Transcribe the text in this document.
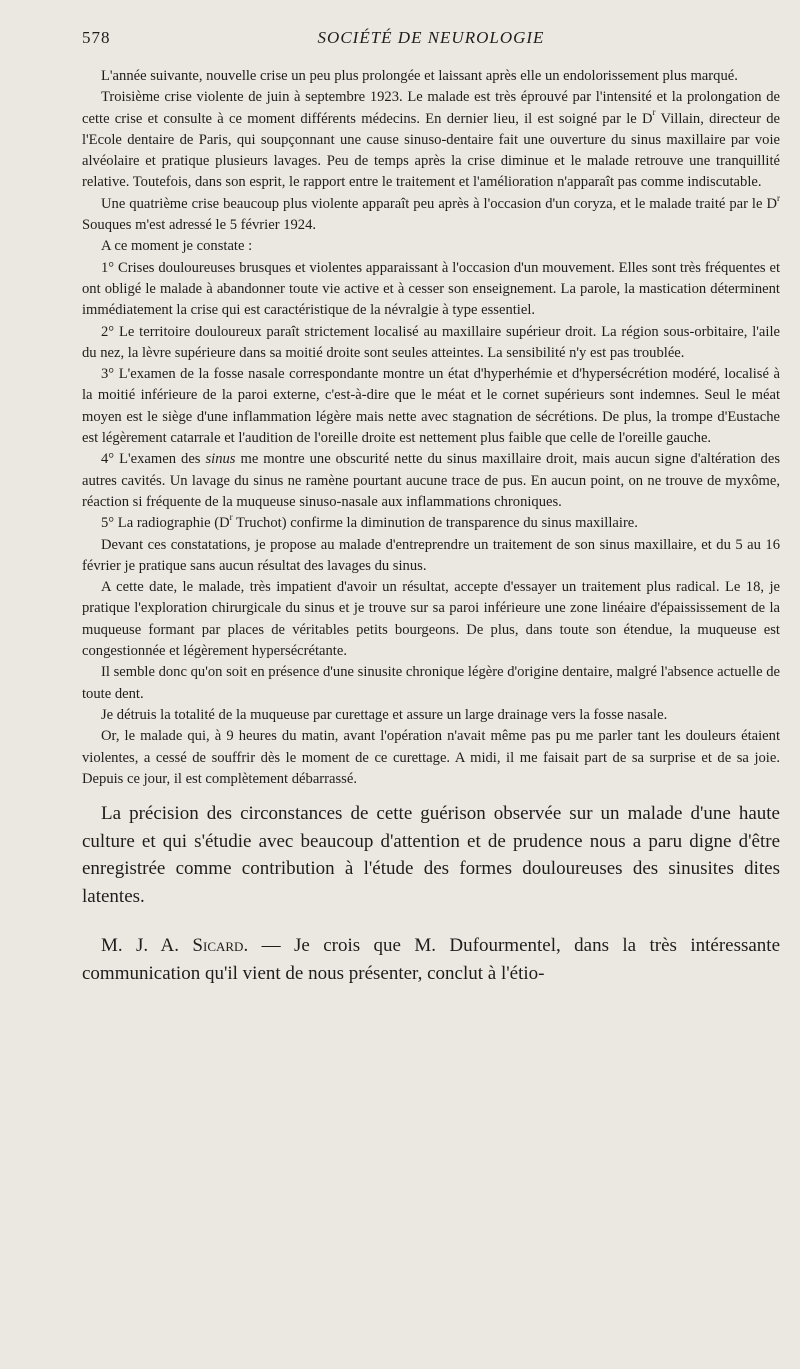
578	SOCIÉTÉ DE NEUROLOGIE

L'année suivante, nouvelle crise un peu plus prolongée et laissant après elle un endolorissement plus marqué.

Troisième crise violente de juin à septembre 1923. Le malade est très éprouvé par l'intensité et la prolongation de cette crise et consulte à ce moment différents médecins. En dernier lieu, il est soigné par le $D^r$ Villain, directeur de l'Ecole dentaire de Paris, qui soupçonnant une cause sinuso-dentaire fait une ouverture du sinus maxillaire par voie alvéolaire et pratique plusieurs lavages. Peu de temps après la crise diminue et le malade retrouve une tranquillité relative. Toutefois, dans son esprit, le rapport entre le traitement et l'amélioration n'apparaît pas comme indiscutable.

Une quatrième crise beaucoup plus violente apparaît peu après à l'occasion d'un coryza, et le malade traité par le $D^r$ Souques m'est adressé le 5 février 1924.

A ce moment je constate :

1° Crises douloureuses brusques et violentes apparaissant à l'occasion d'un mouvement. Elles sont très fréquentes et ont obligé le malade à abandonner toute vie active et à cesser son enseignement. La parole, la mastication déterminent immédiatement la crise qui est caractéristique de la névralgie à type essentiel.

2° Le territoire douloureux paraît strictement localisé au maxillaire supérieur droit. La région sous-orbitaire, l'aile du nez, la lèvre supérieure dans sa moitié droite sont seules atteintes. La sensibilité n'y est pas troublée.

3° L'examen de la fosse nasale correspondante montre un état d'hyperhémie et d'hypersécrétion modéré, localisé à la moitié inférieure de la paroi externe, c'est-à-dire que le méat et le cornet supérieurs sont indemnes. Seul le méat moyen est le siège d'une inflammation légère mais nette avec stagnation de sécrétions. De plus, la trompe d'Eustache est légèrement catarrale et l'audition de l'oreille droite est nettement plus faible que celle de l'oreille gauche.

4° L'examen des sinus me montre une obscurité nette du sinus maxillaire droit, mais aucun signe d'altération des autres cavités. Un lavage du sinus ne ramène pourtant aucune trace de pus. En aucun point, on ne trouve de myxôme, réaction si fréquente de la muqueuse sinuso-nasale aux inflammations chroniques.

5° La radiographie ($D^r$ Truchot) confirme la diminution de transparence du sinus maxillaire.

Devant ces constatations, je propose au malade d'entreprendre un traitement de son sinus maxillaire, et du 5 au 16 février je pratique sans aucun résultat des lavages du sinus.

A cette date, le malade, très impatient d'avoir un résultat, accepte d'essayer un traitement plus radical. Le 18, je pratique l'exploration chirurgicale du sinus et je trouve sur sa paroi inférieure une zone linéaire d'épaississement de la muqueuse formant par places de véritables petits bourgeons. De plus, dans toute son étendue, la muqueuse est congestionnée et légèrement hypersécrétante.

Il semble donc qu'on soit en présence d'une sinusite chronique légère d'origine dentaire, malgré l'absence actuelle de toute dent.

Je détruis la totalité de la muqueuse par curettage et assure un large drainage vers la fosse nasale.

Or, le malade qui, à 9 heures du matin, avant l'opération n'avait même pas pu me parler tant les douleurs étaient violentes, a cessé de souffrir dès le moment de ce curettage. A midi, il me faisait part de sa surprise et de sa joie. Depuis ce jour, il est complètement débarrassé.

La précision des circonstances de cette guérison observée sur un malade d'une haute culture et qui s'étudie avec beaucoup d'attention et de prudence nous a paru digne d'être enregistrée comme contribution à l'étude des formes douloureuses des sinusites dites latentes.

M. J. A. Sicard. — Je crois que M. Dufourmentel, dans la très intéressante communication qu'il vient de nous présenter, conclut à l'étio-
